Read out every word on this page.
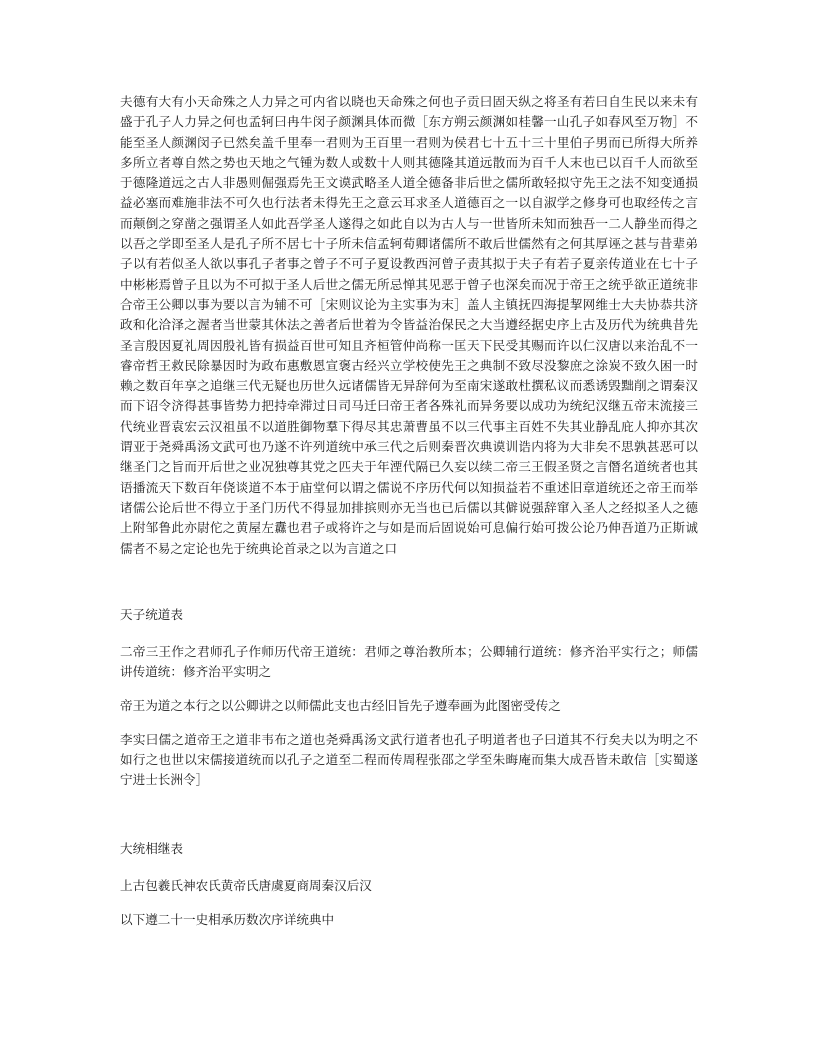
夫德有大有小天命殊之人力异之可内省以晓也天命殊之何也子贡曰固天纵之将圣有若曰自生民以来未有盛于孔子人力异之何也孟轲曰冉牛闵子颜渊具体而微［东方朔云颜渊如桂馨一山孔子如春风至万物］不能至圣人颜渊闵子已然矣盖千里奉一君则为王百里一君则为侯君七十五十三十里伯子男而已所得大所养多所立者尊自然之势也天地之气锺为数人或数十人则其德隆其道远散而为百千人末也已以百千人而欲至于德隆道远之古人非愚则倔强焉先王文谟武略圣人道全德备非后世之儒所敢轻拟守先王之法不知变通损益必塞而难施非法不可久也行法者未得先王之意云耳求圣人道德百之一以自淑学之修身可也取经传之言而颠倒之穿凿之强谓圣人如此吾学圣人遂得之如此自以为古人与一世皆所未知而独吾一二人静坐而得之以吾之学即至圣人是孔子所不居七十子所未信孟轲荀卿诸儒所不敢后世儒然有之何其厚诬之甚与昔辈弟子以有若似圣人欲以事孔子者事之曾子不可子夏设教西河曾子责其拟于夫子有若子夏亲传道业在七十子中彬彬焉曾子且以为不可拟于圣人后世之儒无所忌惮其见恶于曾子也深矣而况于帝王之统乎欲正道统非合帝王公卿以事为要以言为辅不可［宋则议论为主实事为末］盖人主镇抚四海提挈网维士大夫协恭共济政和化洽泽之渥者当世蒙其休法之善者后世着为令皆益治保民之大当遵经据史序上古及历代为统典昔先圣言殷因夏礼周因殷礼皆有损益百世可知且齐桓管仲尚称一匡天下民受其赐而许以仁汉唐以来治乱不一睿帝哲王救民除暴因时为政布惠敷恩宣褒古经兴立学校使先王之典制不致尽没黎庶之涂炭不致久困一时赖之数百年享之追继三代无疑也历世久远诸儒皆无异辞何为至南宋遂敢杜撰私议而悉诱毁黜削之谓秦汉而下诏令济得甚事皆势力把持牵滞过日司马迁曰帝王者各殊礼而异务要以成功为统纪汉继五帝末流接三代统业晋袁宏云汉祖虽不以道胜御物羣下得尽其忠萧曹虽不以三代事主百姓不失其业静乱庇人抑亦其次谓亚于尧舜禹汤文武可也乃遂不许列道统中承三代之后则秦晋次典谟训诰内将为大非矣不思孰甚恶可以继圣门之旨而开后世之业况独尊其党之匹夫于年湮代隔已久妄以续二帝三王假圣贤之言僭名道统者也其语播流天下数百年侥谈道不本于庙堂何以谓之儒说不序历代何以知损益若不重述旧章道统还之帝王而举诸儒公论后世不得立于圣门历代不得显加排摈则亦无当也已后儒以其僻说强辞窜入圣人之经拟圣人之德上附邹鲁此亦尉佗之黄屋左纛也君子或将许之与如是而后固说始可息偏行始可拨公论乃伸吾道乃正斯诚儒者不易之定论也先于统典论首录之以为言道之口

天子统道表

二帝三王作之君师孔子作师历代帝王道统：君师之尊治教所本；公卿辅行道统：修齐治平实行之；师儒讲传道统：修齐治平实明之

帝王为道之本行之以公卿讲之以师儒此支也古经旧旨先子遵奉画为此图密受传之

李实曰儒之道帝王之道非韦布之道也尧舜禹汤文武行道者也孔子明道者也子曰道其不行矣夫以为明之不如行之也世以宋儒接道统而以孔子之道至二程而传周程张邵之学至朱晦庵而集大成吾皆未敢信［实蜀遂宁进士长洲令］

大统相继表

上古包羲氏神农氏黄帝氏唐虞夏商周秦汉后汉

以下遵二十一史相承历数次序详统典中
